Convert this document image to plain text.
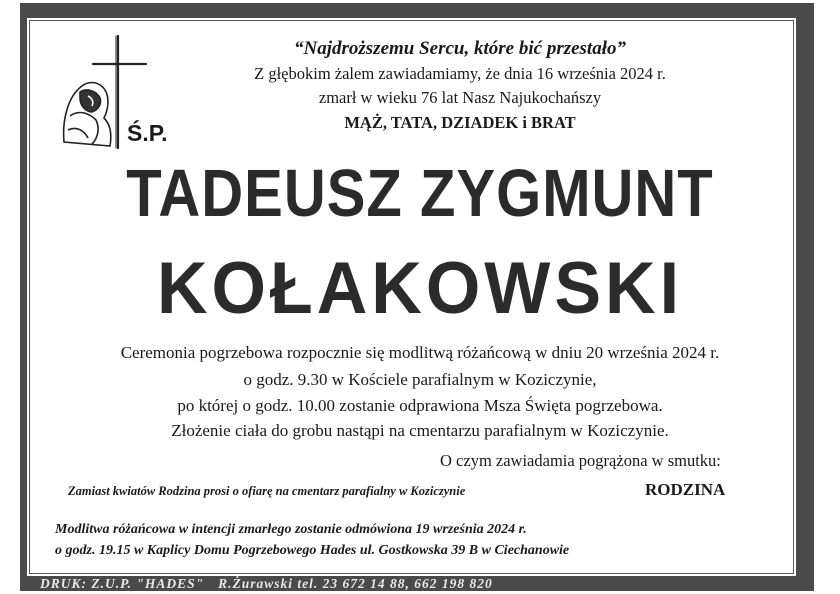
“Najdroższemu Sercu, które bić przestało”
Z głębokim żalem zawiadamiamy, że dnia 16 września 2024 r.
zmarł w wieku 76 lat Nasz Najukochańszy
MĄŻ, TATA, DZIADEK i BRAT
Ś.P.
TADEUSZ ZYGMUNT
KOŁAKOWSKI
Ceremonia pogrzebowa rozpocznie się modlitwą różańcową w dniu 20 września 2024 r.
o godz. 9.30 w Kościele parafialnym w Koziczynie,
po której o godz. 10.00 zostanie odprawiona Msza Święta pogrzebowa.
Złożenie ciała do grobu nastąpi na cmentarzu parafialnym w Koziczynie.
O czym zawiadamia pogrążona w smutku:
Zamiast kwiatów Rodzina prosi o ofiarę na cmentarz parafialny w Koziczynie	RODZINA
Modlitwa różańcowa w intencji zmarłego zostanie odmówiona 19 września 2024 r.
o godz. 19.15 w Kaplicy Domu Pogrzebowego Hades ul. Gostkowska 39 B w Ciechanowie
DRUK: Z.U.P. "HADES" R.Żurawski tel. 23 672 14 88, 662 198 820
